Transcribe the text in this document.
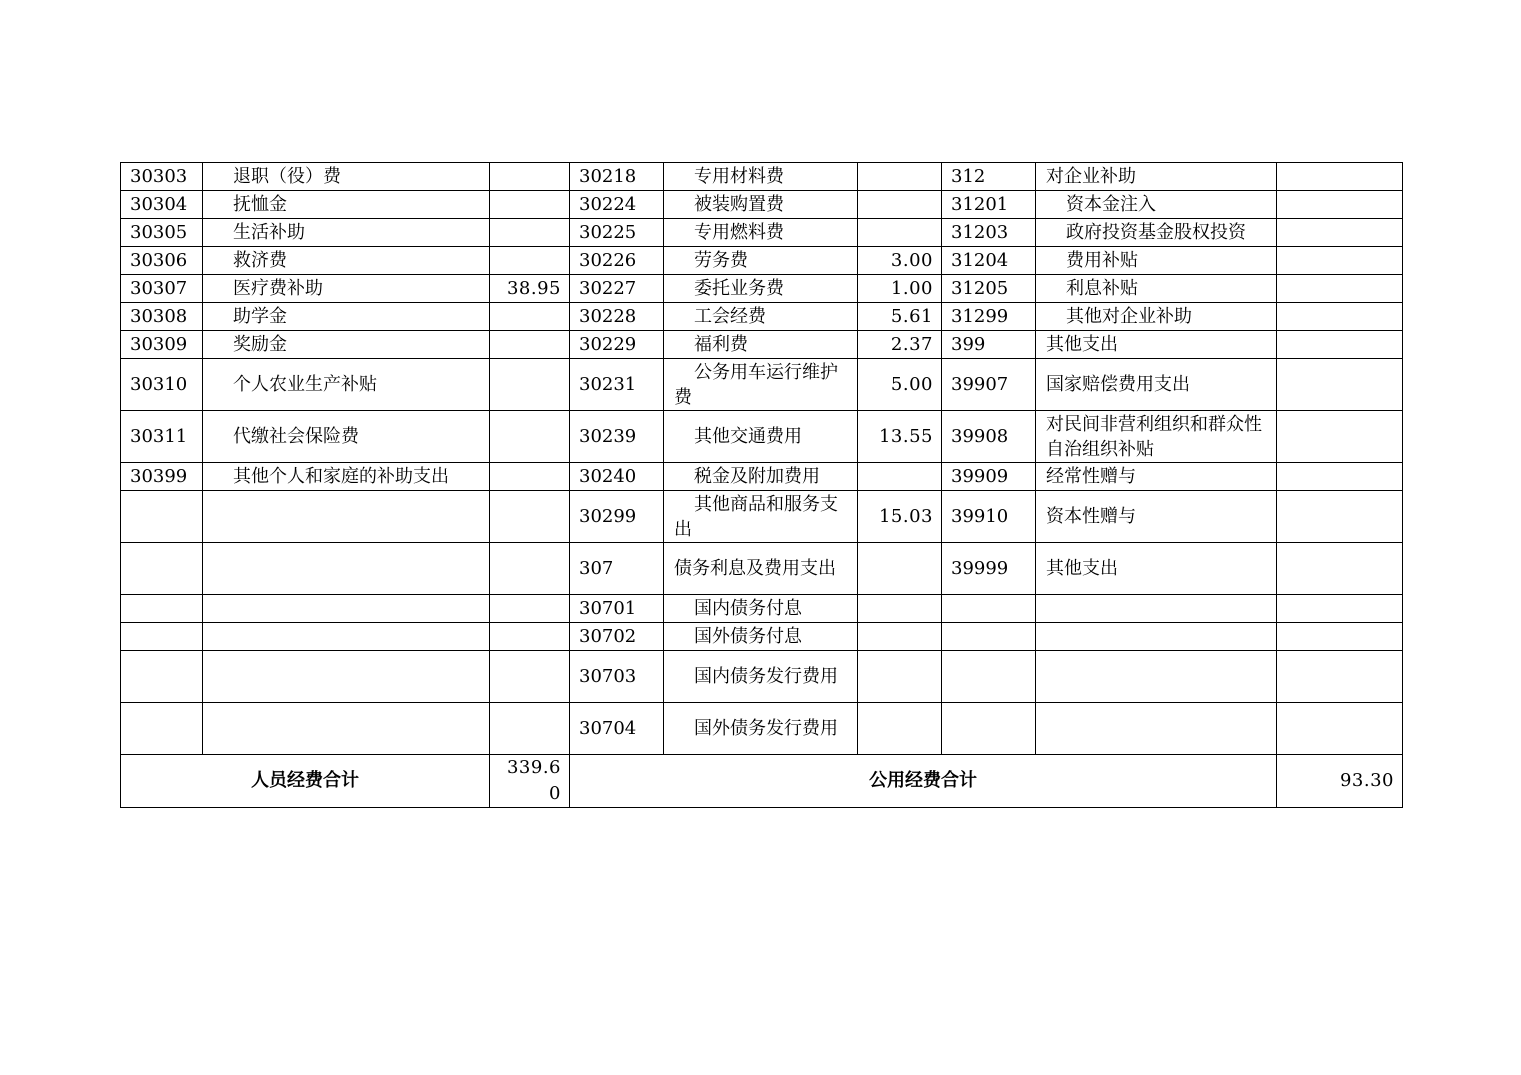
30303	退职（役）费		30218	专用材料费		312	对企业补助	
30304	抚恤金		30224	被装购置费		31201	资本金注入	
30305	生活补助		30225	专用燃料费		31203	政府投资基金股权投资	
30306	救济费		30226	劳务费	3.00	31204	费用补贴	
30307	医疗费补助	38.95	30227	委托业务费	1.00	31205	利息补贴	
30308	助学金		30228	工会经费	5.61	31299	其他对企业补助	
30309	奖励金		30229	福利费	2.37	399	其他支出	
30310	个人农业生产补贴		30231	公务用车运行维护费	5.00	39907	国家赔偿费用支出	
30311	代缴社会保险费		30239	其他交通费用	13.55	39908	对民间非营利组织和群众性自治组织补贴	
30399	其他个人和家庭的补助支出		30240	税金及附加费用		39909	经常性赠与	
			30299	其他商品和服务支出	15.03	39910	资本性赠与	
			307	债务利息及费用支出		39999	其他支出	
			30701	国内债务付息				
			30702	国外债务付息				
			30703	国内债务发行费用				
			30704	国外债务发行费用				
人员经费合计		339.60	公用经费合计					93.30
